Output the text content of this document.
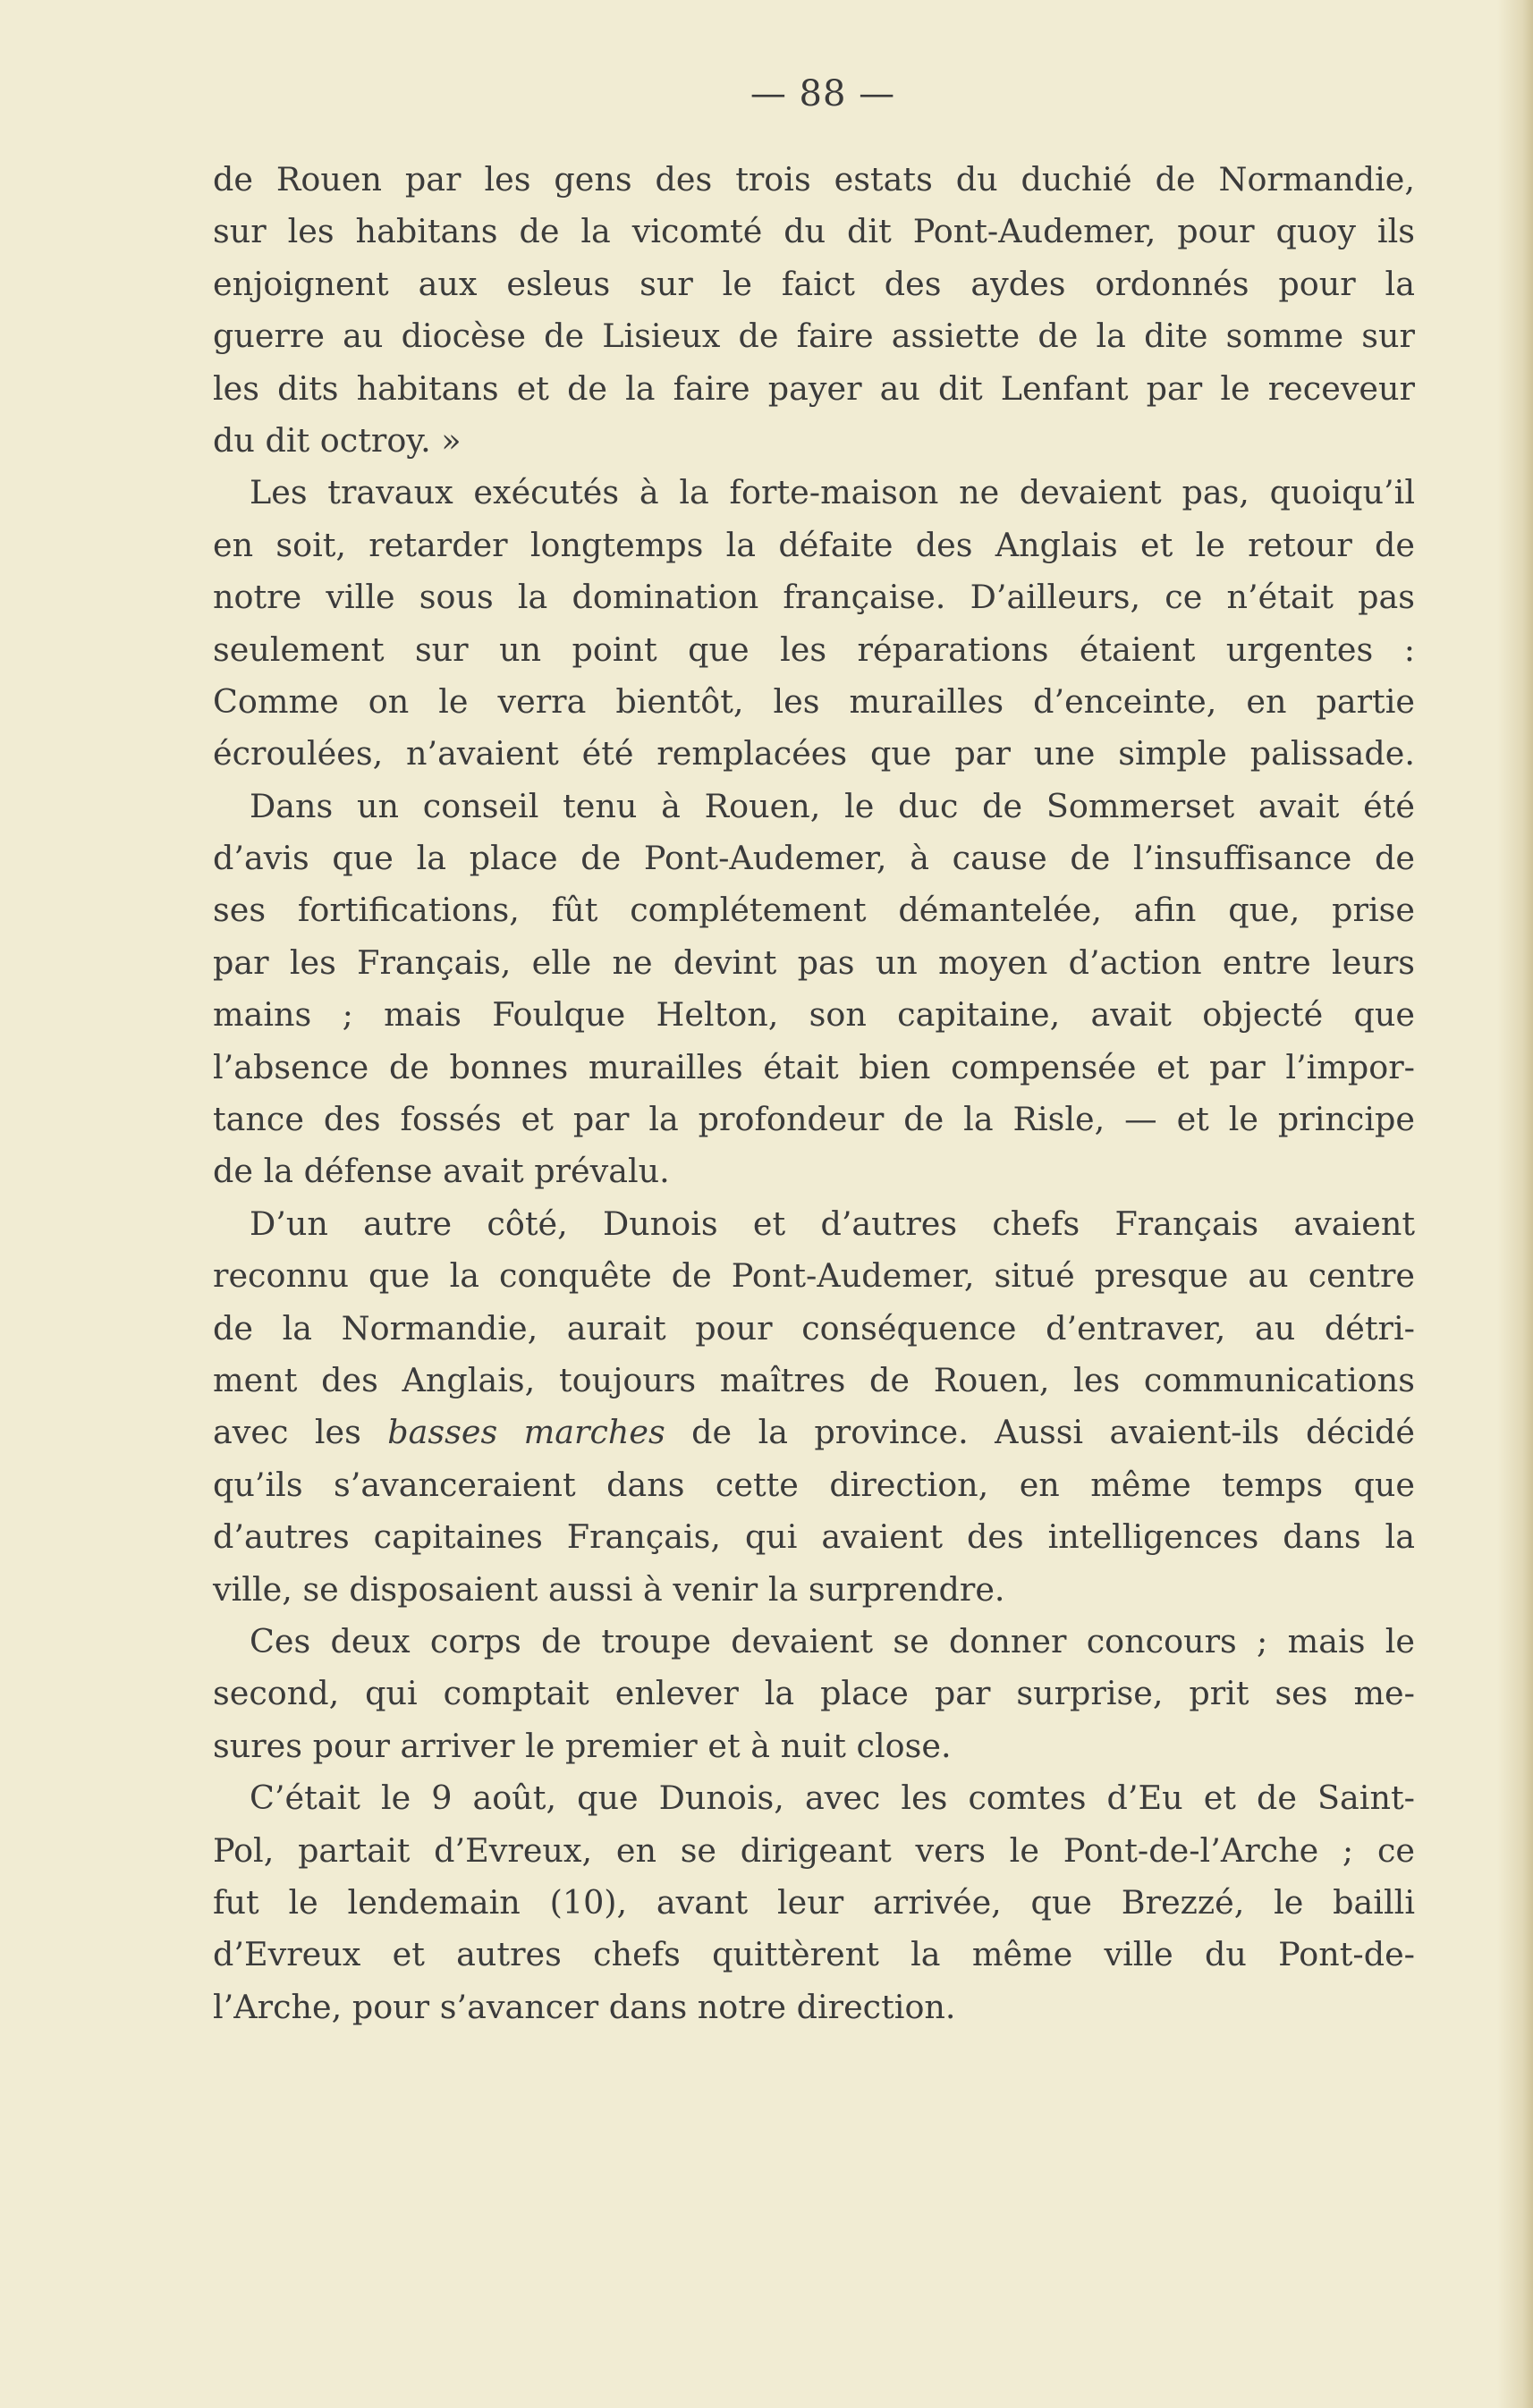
— 88 —
de Rouen par les gens des trois estats du duchié de Normandie,
sur les habitans de la vicomté du dit Pont-Audemer, pour quoy ils
enjoignent aux esleus sur le faict des aydes ordonnés pour la
guerre au diocèse de Lisieux de faire assiette de la dite somme sur
les dits habitans et de la faire payer au dit Lenfant par le receveur
du dit octroy. »
Les travaux exécutés à la forte-maison ne devaient pas, quoiqu’il
en soit, retarder longtemps la défaite des Anglais et le retour de
notre ville sous la domination française. D’ailleurs, ce n’était pas
seulement sur un point que les réparations étaient urgentes :
Comme on le verra bientôt, les murailles d’enceinte, en partie
écroulées, n’avaient été remplacées que par une simple palissade.
Dans un conseil tenu à Rouen, le duc de Sommerset avait été
d’avis que la place de Pont-Audemer, à cause de l’insuffisance de
ses fortifications, fût complétement démantelée, afin que, prise
par les Français, elle ne devint pas un moyen d’action entre leurs
mains ; mais Foulque Helton, son capitaine, avait objecté que
l’absence de bonnes murailles était bien compensée et par l’impor-
tance des fossés et par la profondeur de la Risle, — et le principe
de la défense avait prévalu.
D’un autre côté, Dunois et d’autres chefs Français avaient
reconnu que la conquête de Pont-Audemer, situé presque au centre
de la Normandie, aurait pour conséquence d’entraver, au détri-
ment des Anglais, toujours maîtres de Rouen, les communications
avec les basses marches de la province. Aussi avaient-ils décidé
qu’ils s’avanceraient dans cette direction, en même temps que
d’autres capitaines Français, qui avaient des intelligences dans la
ville, se disposaient aussi à venir la surprendre.
Ces deux corps de troupe devaient se donner concours ; mais le
second, qui comptait enlever la place par surprise, prit ses me-
sures pour arriver le premier et à nuit close.
C’était le 9 août, que Dunois, avec les comtes d’Eu et de Saint-
Pol, partait d’Evreux, en se dirigeant vers le Pont-de-l’Arche ; ce
fut le lendemain (10), avant leur arrivée, que Brezzé, le bailli
d’Evreux et autres chefs quittèrent la même ville du Pont-de-
l’Arche, pour s’avancer dans notre direction.
